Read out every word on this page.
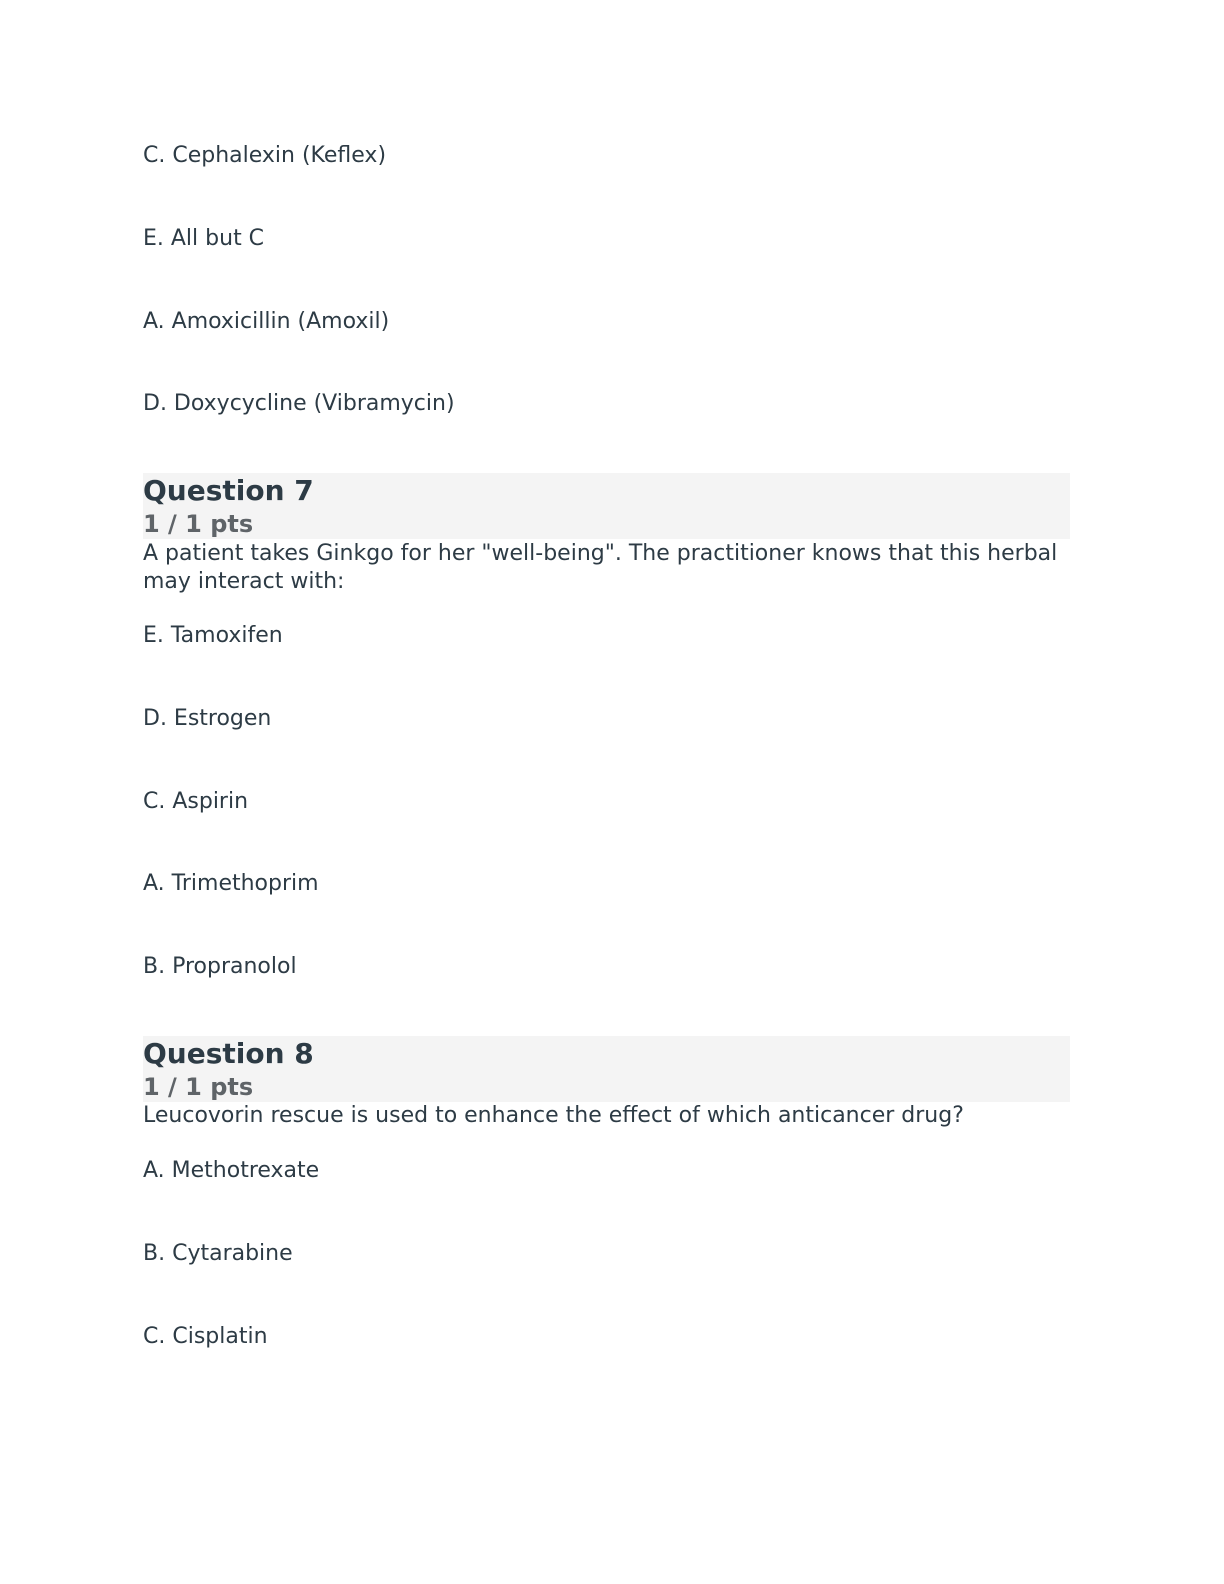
C. Cephalexin (Keflex)
E. All but C
A. Amoxicillin (Amoxil)
D. Doxycycline (Vibramycin)
Question 7
1 / 1 pts
A patient takes Ginkgo for her "well-being". The practitioner knows that this herbal may interact with:
E. Tamoxifen
D. Estrogen
C. Aspirin
A. Trimethoprim
B. Propranolol
Question 8
1 / 1 pts
Leucovorin rescue is used to enhance the effect of which anticancer drug?
A. Methotrexate
B. Cytarabine
C. Cisplatin
